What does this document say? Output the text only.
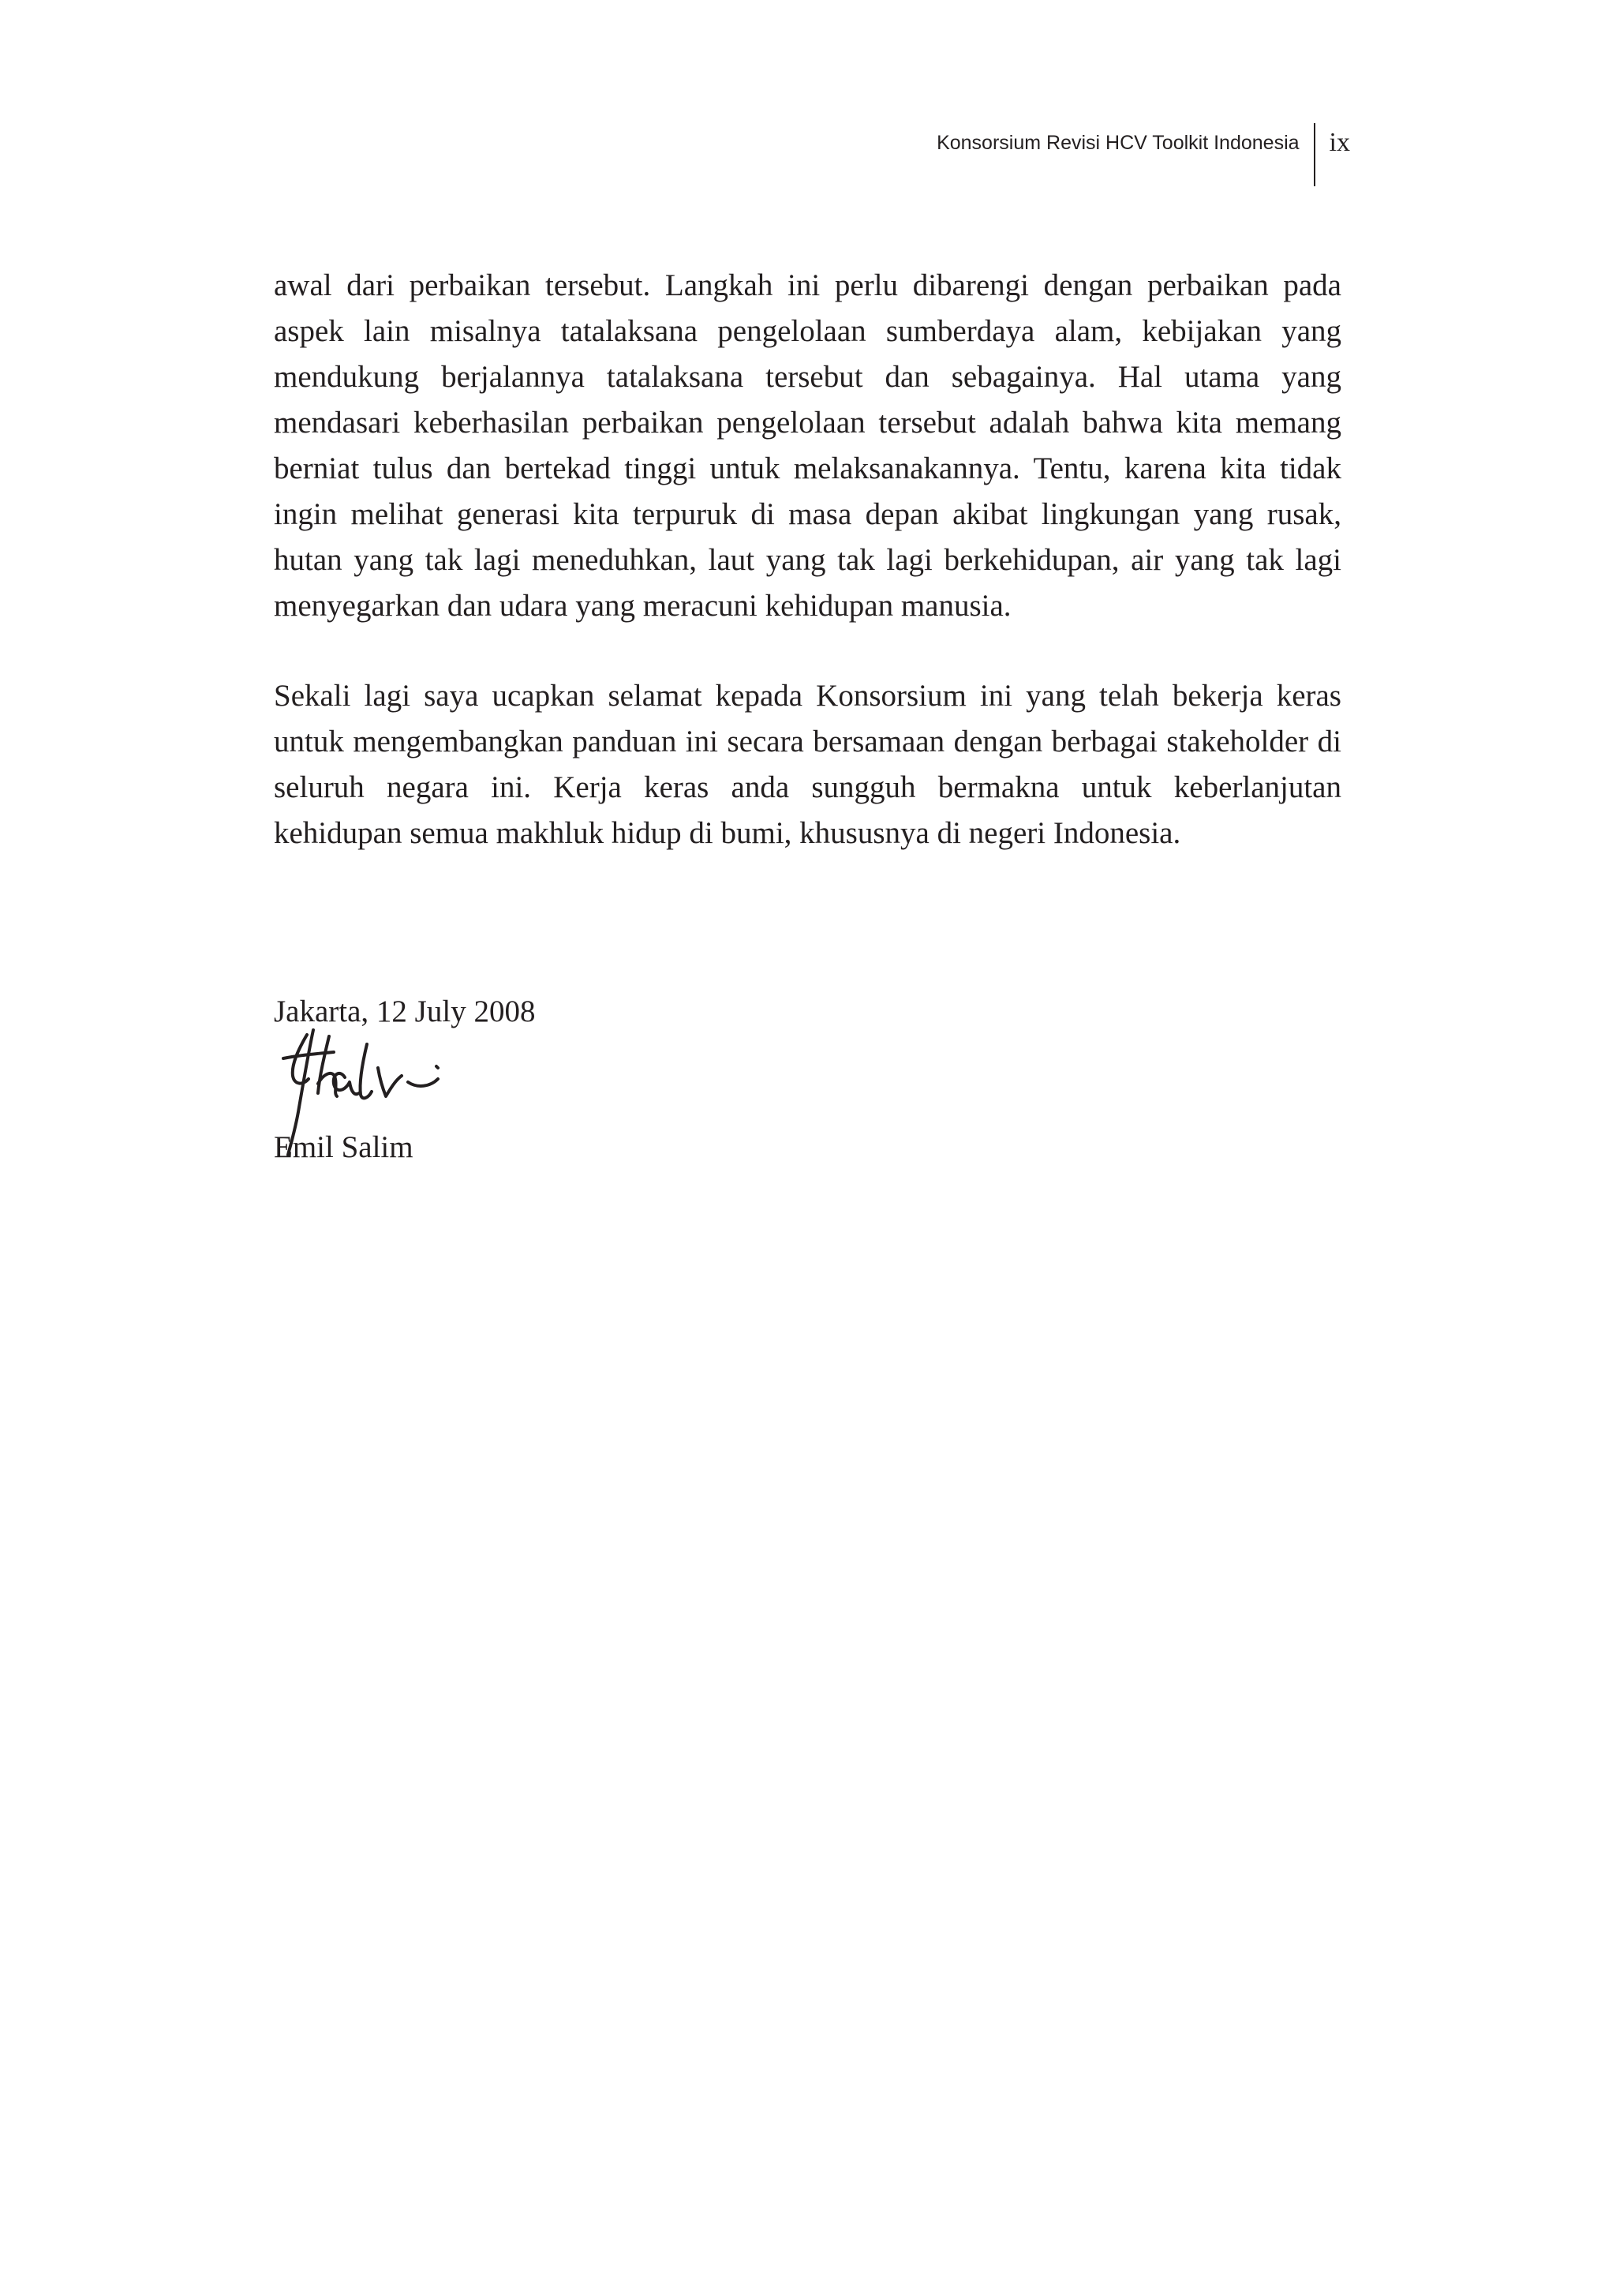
Konsorsium Revisi HCV Toolkit Indonesia ix

awal dari perbaikan tersebut. Langkah ini perlu dibarengi dengan perbaikan pada aspek lain misalnya tatalaksana pengelolaan sumberdaya alam, kebijakan yang mendukung berjalannya tatalaksana tersebut dan sebagainya. Hal utama yang mendasari keberhasilan perbaikan pengelolaan tersebut adalah bahwa kita memang berniat tulus dan bertekad tinggi untuk melaksanakannya. Tentu, karena kita tidak ingin melihat generasi kita terpuruk di masa depan akibat lingkungan yang rusak, hutan yang tak lagi meneduhkan, laut yang tak lagi berkehidupan, air yang tak lagi menyegarkan dan udara yang meracuni kehidupan manusia.

Sekali lagi saya ucapkan selamat kepada Konsorsium ini yang telah bekerja keras untuk mengembangkan panduan ini secara bersamaan dengan berbagai stakeholder di seluruh negara ini. Kerja keras anda sungguh bermakna untuk keberlanjutan kehidupan semua makhluk hidup di bumi, khususnya di negeri Indonesia.

Jakarta, 12 July 2008
Emil Salim
